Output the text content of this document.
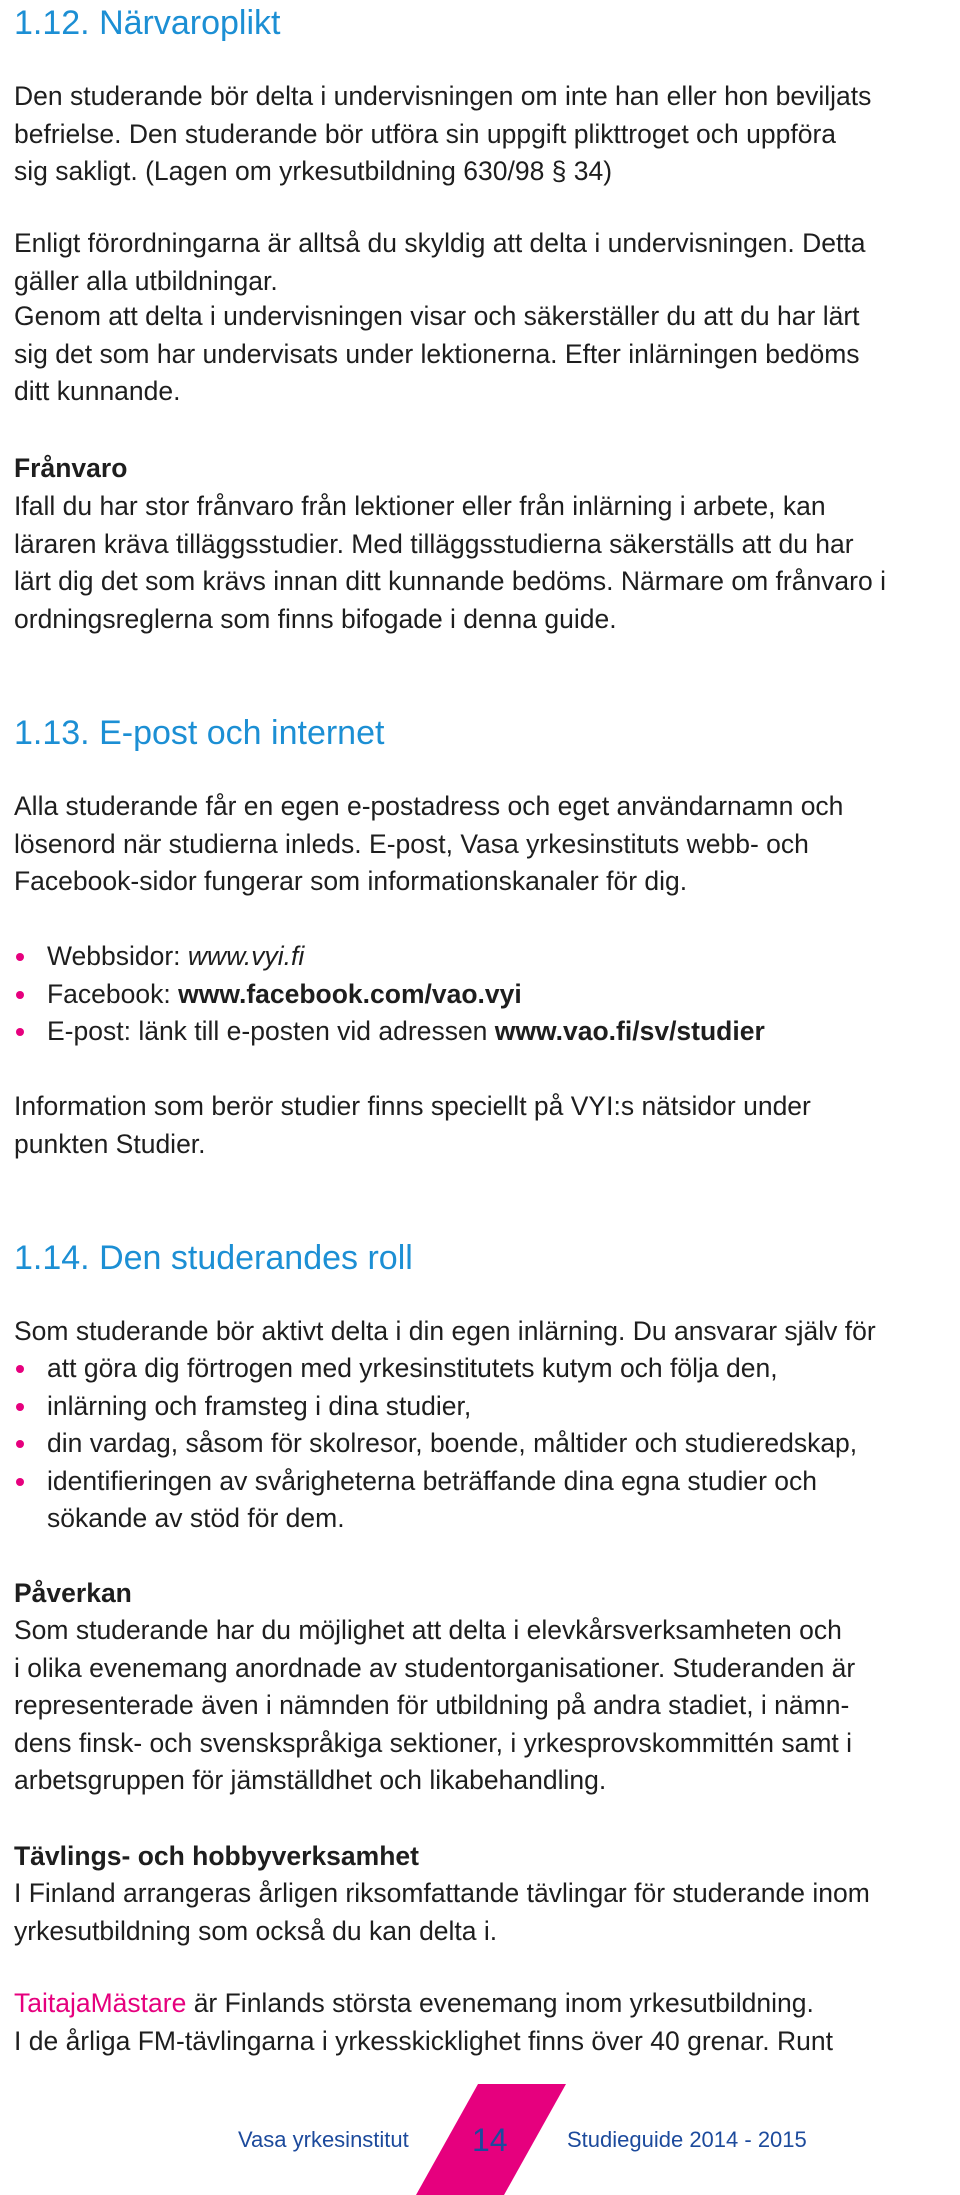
1.12. Närvaroplikt
Den studerande bör delta i undervisningen om inte han eller hon beviljats
befrielse. Den studerande bör utföra sin uppgift plikttroget och uppföra
sig sakligt. (Lagen om yrkesutbildning 630/98 § 34)
Enligt förordningarna är alltså du skyldig att delta i undervisningen. Detta
gäller alla utbildningar.
Genom att delta i undervisningen visar och säkerställer du att du har lärt
sig det som har undervisats under lektionerna. Efter inlärningen bedöms
ditt kunnande.
Frånvaro
Ifall du har stor frånvaro från lektioner eller från inlärning i arbete, kan
läraren kräva tilläggsstudier. Med tilläggsstudierna säkerställs att du har
lärt dig det som krävs innan ditt kunnande bedöms. Närmare om frånvaro i
ordningsreglerna som finns bifogade i denna guide.
1.13. E-post och internet
Alla studerande får en egen e-postadress och eget användarnamn och
lösenord när studierna inleds. E-post, Vasa yrkesinstituts webb- och
Facebook-sidor fungerar som informationskanaler för dig.
Webbsidor: www.vyi.fi
Facebook: www.facebook.com/vao.vyi
E-post: länk till e-posten vid adressen www.vao.fi/sv/studier
Information som berör studier finns speciellt på VYI:s nätsidor under
punkten Studier.
1.14. Den studerandes roll
Som studerande bör aktivt delta i din egen inlärning. Du ansvarar själv för
att göra dig förtrogen med yrkesinstitutets kutym och följa den,
inlärning och framsteg i dina studier,
din vardag, såsom för skolresor, boende, måltider och studieredskap,
identifieringen av svårigheterna beträffande dina egna studier och
sökande av stöd för dem.
Påverkan
Som studerande har du möjlighet att delta i elevkårsverksamheten och
i olika evenemang anordnade av studentorganisationer. Studeranden är
representerade även i nämnden för utbildning på andra stadiet, i nämn-
dens finsk- och svenskspråkiga sektioner, i yrkesprovskommittén samt i
arbetsgruppen för jämställdhet och likabehandling.
Tävlings- och hobbyverksamhet
I Finland arrangeras årligen riksomfattande tävlingar för studerande inom
yrkesutbildning som också du kan delta i.
TaitajaMästare är Finlands största evenemang inom yrkesutbildning.
I de årliga FM-tävlingarna i yrkesskicklighet finns över 40 grenar. Runt
Vasa yrkesinstitut 14	Studieguide 2014 - 2015
